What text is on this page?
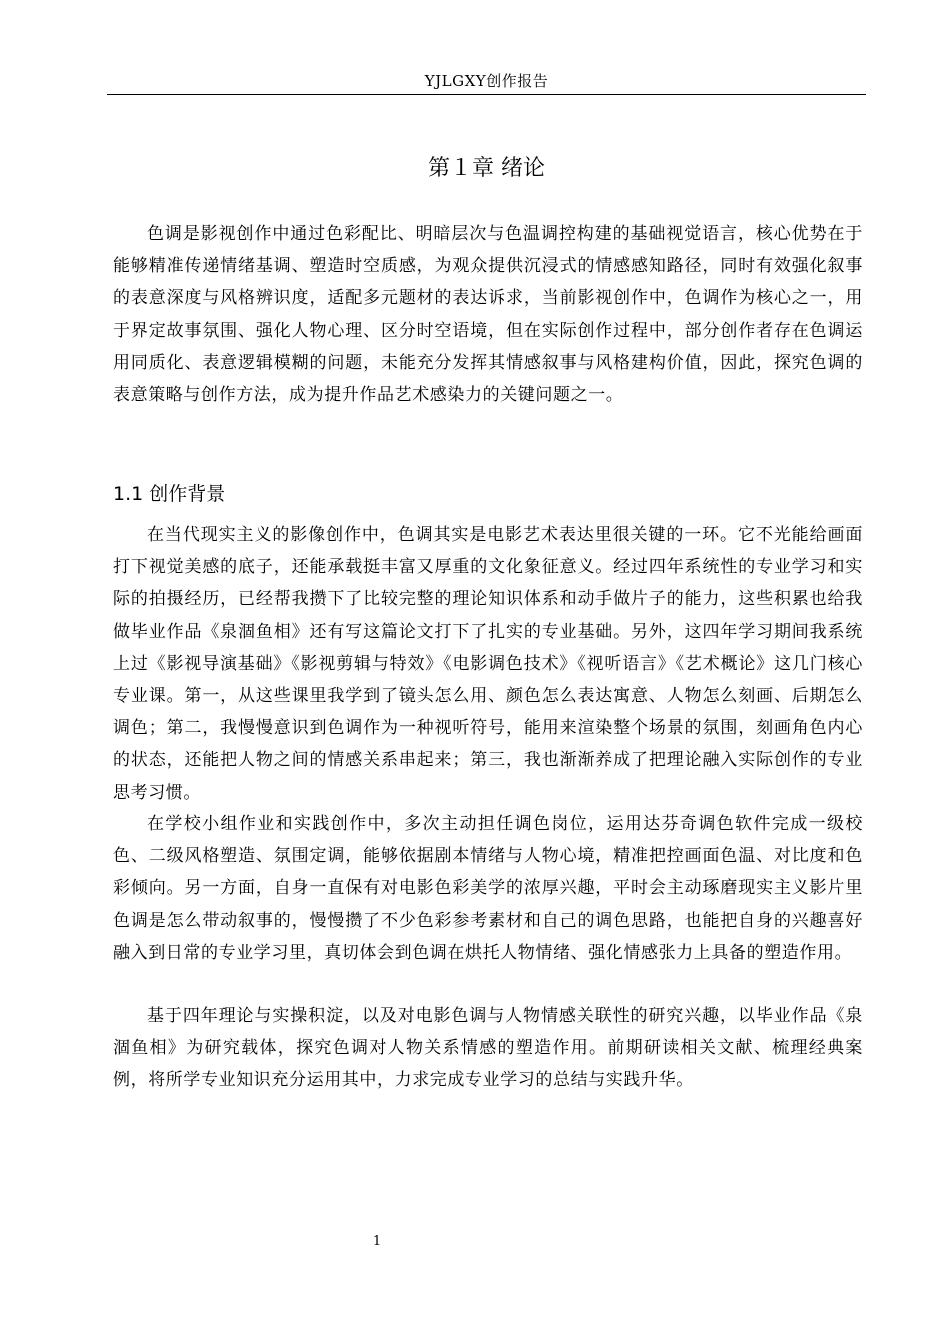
YJLGXY创作报告
第１章 绪论

色调是影视创作中通过色彩配比、明暗层次与色温调控构建的基础视觉语言，核心优势在于能够精准传递情绪基调、塑造时空质感，为观众提供沉浸式的情感感知路径，同时有效强化叙事的表意深度与风格辨识度，适配多元题材的表达诉求，当前影视创作中，色调作为核心之一，用于界定故事氛围、强化人物心理、区分时空语境，但在实际创作过程中，部分创作者存在色调运用同质化、表意逻辑模糊的问题，未能充分发挥其情感叙事与风格建构价值，因此，探究色调的表意策略与创作方法，成为提升作品艺术感染力的关键问题之一。

1.1 创作背景

在当代现实主义的影像创作中，色调其实是电影艺术表达里很关键的一环。它不光能给画面打下视觉美感的底子，还能承载挺丰富又厚重的文化象征意义。经过四年系统性的专业学习和实际的拍摄经历，已经帮我攒下了比较完整的理论知识体系和动手做片子的能力，这些积累也给我做毕业作品《泉涸鱼相》还有写这篇论文打下了扎实的专业基础。另外，这四年学习期间我系统上过《影视导演基础》《影视剪辑与特效》《电影调色技术》《视听语言》《艺术概论》这几门核心专业课。第一，从这些课里我学到了镜头怎么用、颜色怎么表达寓意、人物怎么刻画、后期怎么调色；第二，我慢慢意识到色调作为一种视听符号，能用来渲染整个场景的氛围，刻画角色内心的状态，还能把人物之间的情感关系串起来；第三，我也渐渐养成了把理论融入实际创作的专业思考习惯。

在学校小组作业和实践创作中，多次主动担任调色岗位，运用达芬奇调色软件完成一级校色、二级风格塑造、氛围定调，能够依据剧本情绪与人物心境，精准把控画面色温、对比度和色彩倾向。另一方面，自身一直保有对电影色彩美学的浓厚兴趣，平时会主动琢磨现实主义影片里色调是怎么带动叙事的，慢慢攒了不少色彩参考素材和自己的调色思路，也能把自身的兴趣喜好融入到日常的专业学习里，真切体会到色调在烘托人物情绪、强化情感张力上具备的塑造作用。

基于四年理论与实操积淀，以及对电影色调与人物情感关联性的研究兴趣，以毕业作品《泉涸鱼相》为研究载体，探究色调对人物关系情感的塑造作用。前期研读相关文献、梳理经典案例，将所学专业知识充分运用其中，力求完成专业学习的总结与实践升华。

1
